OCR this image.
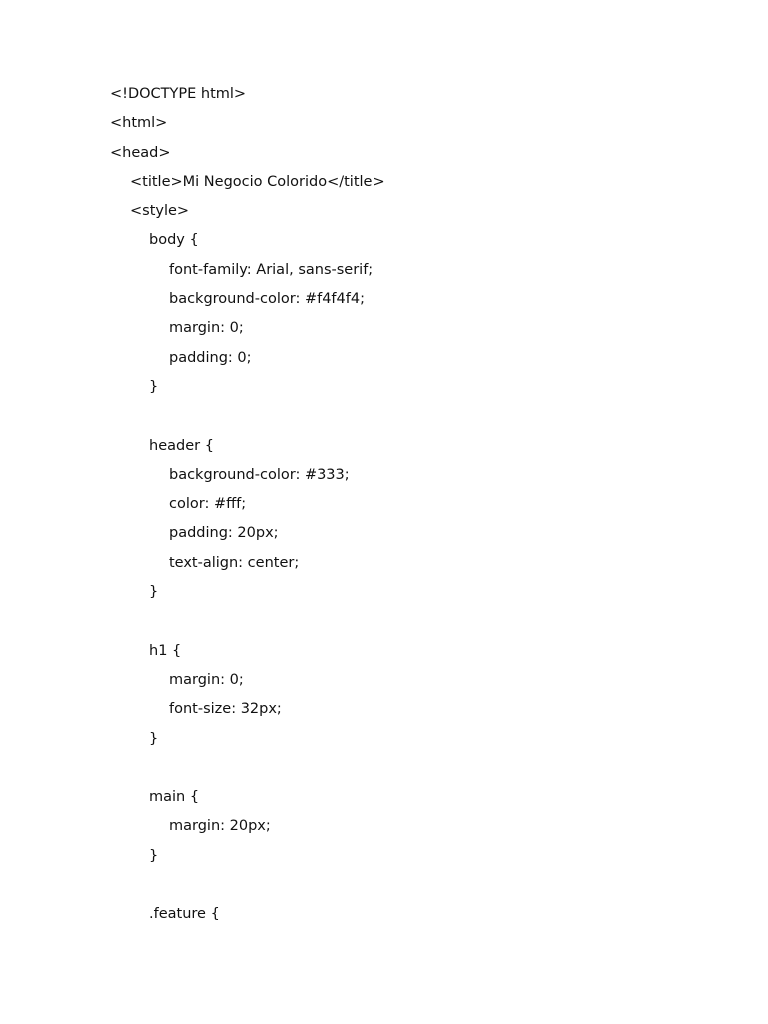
<!DOCTYPE html>
<html>
<head>
<title>Mi Negocio Colorido</title>
<style>
body {
font-family: Arial, sans-serif;
background-color: #f4f4f4;
margin: 0;
padding: 0;
}
header {
background-color: #333;
color: #fff;
padding: 20px;
text-align: center;
}
h1 {
margin: 0;
font-size: 32px;
}
main {
margin: 20px;
}
.feature {
